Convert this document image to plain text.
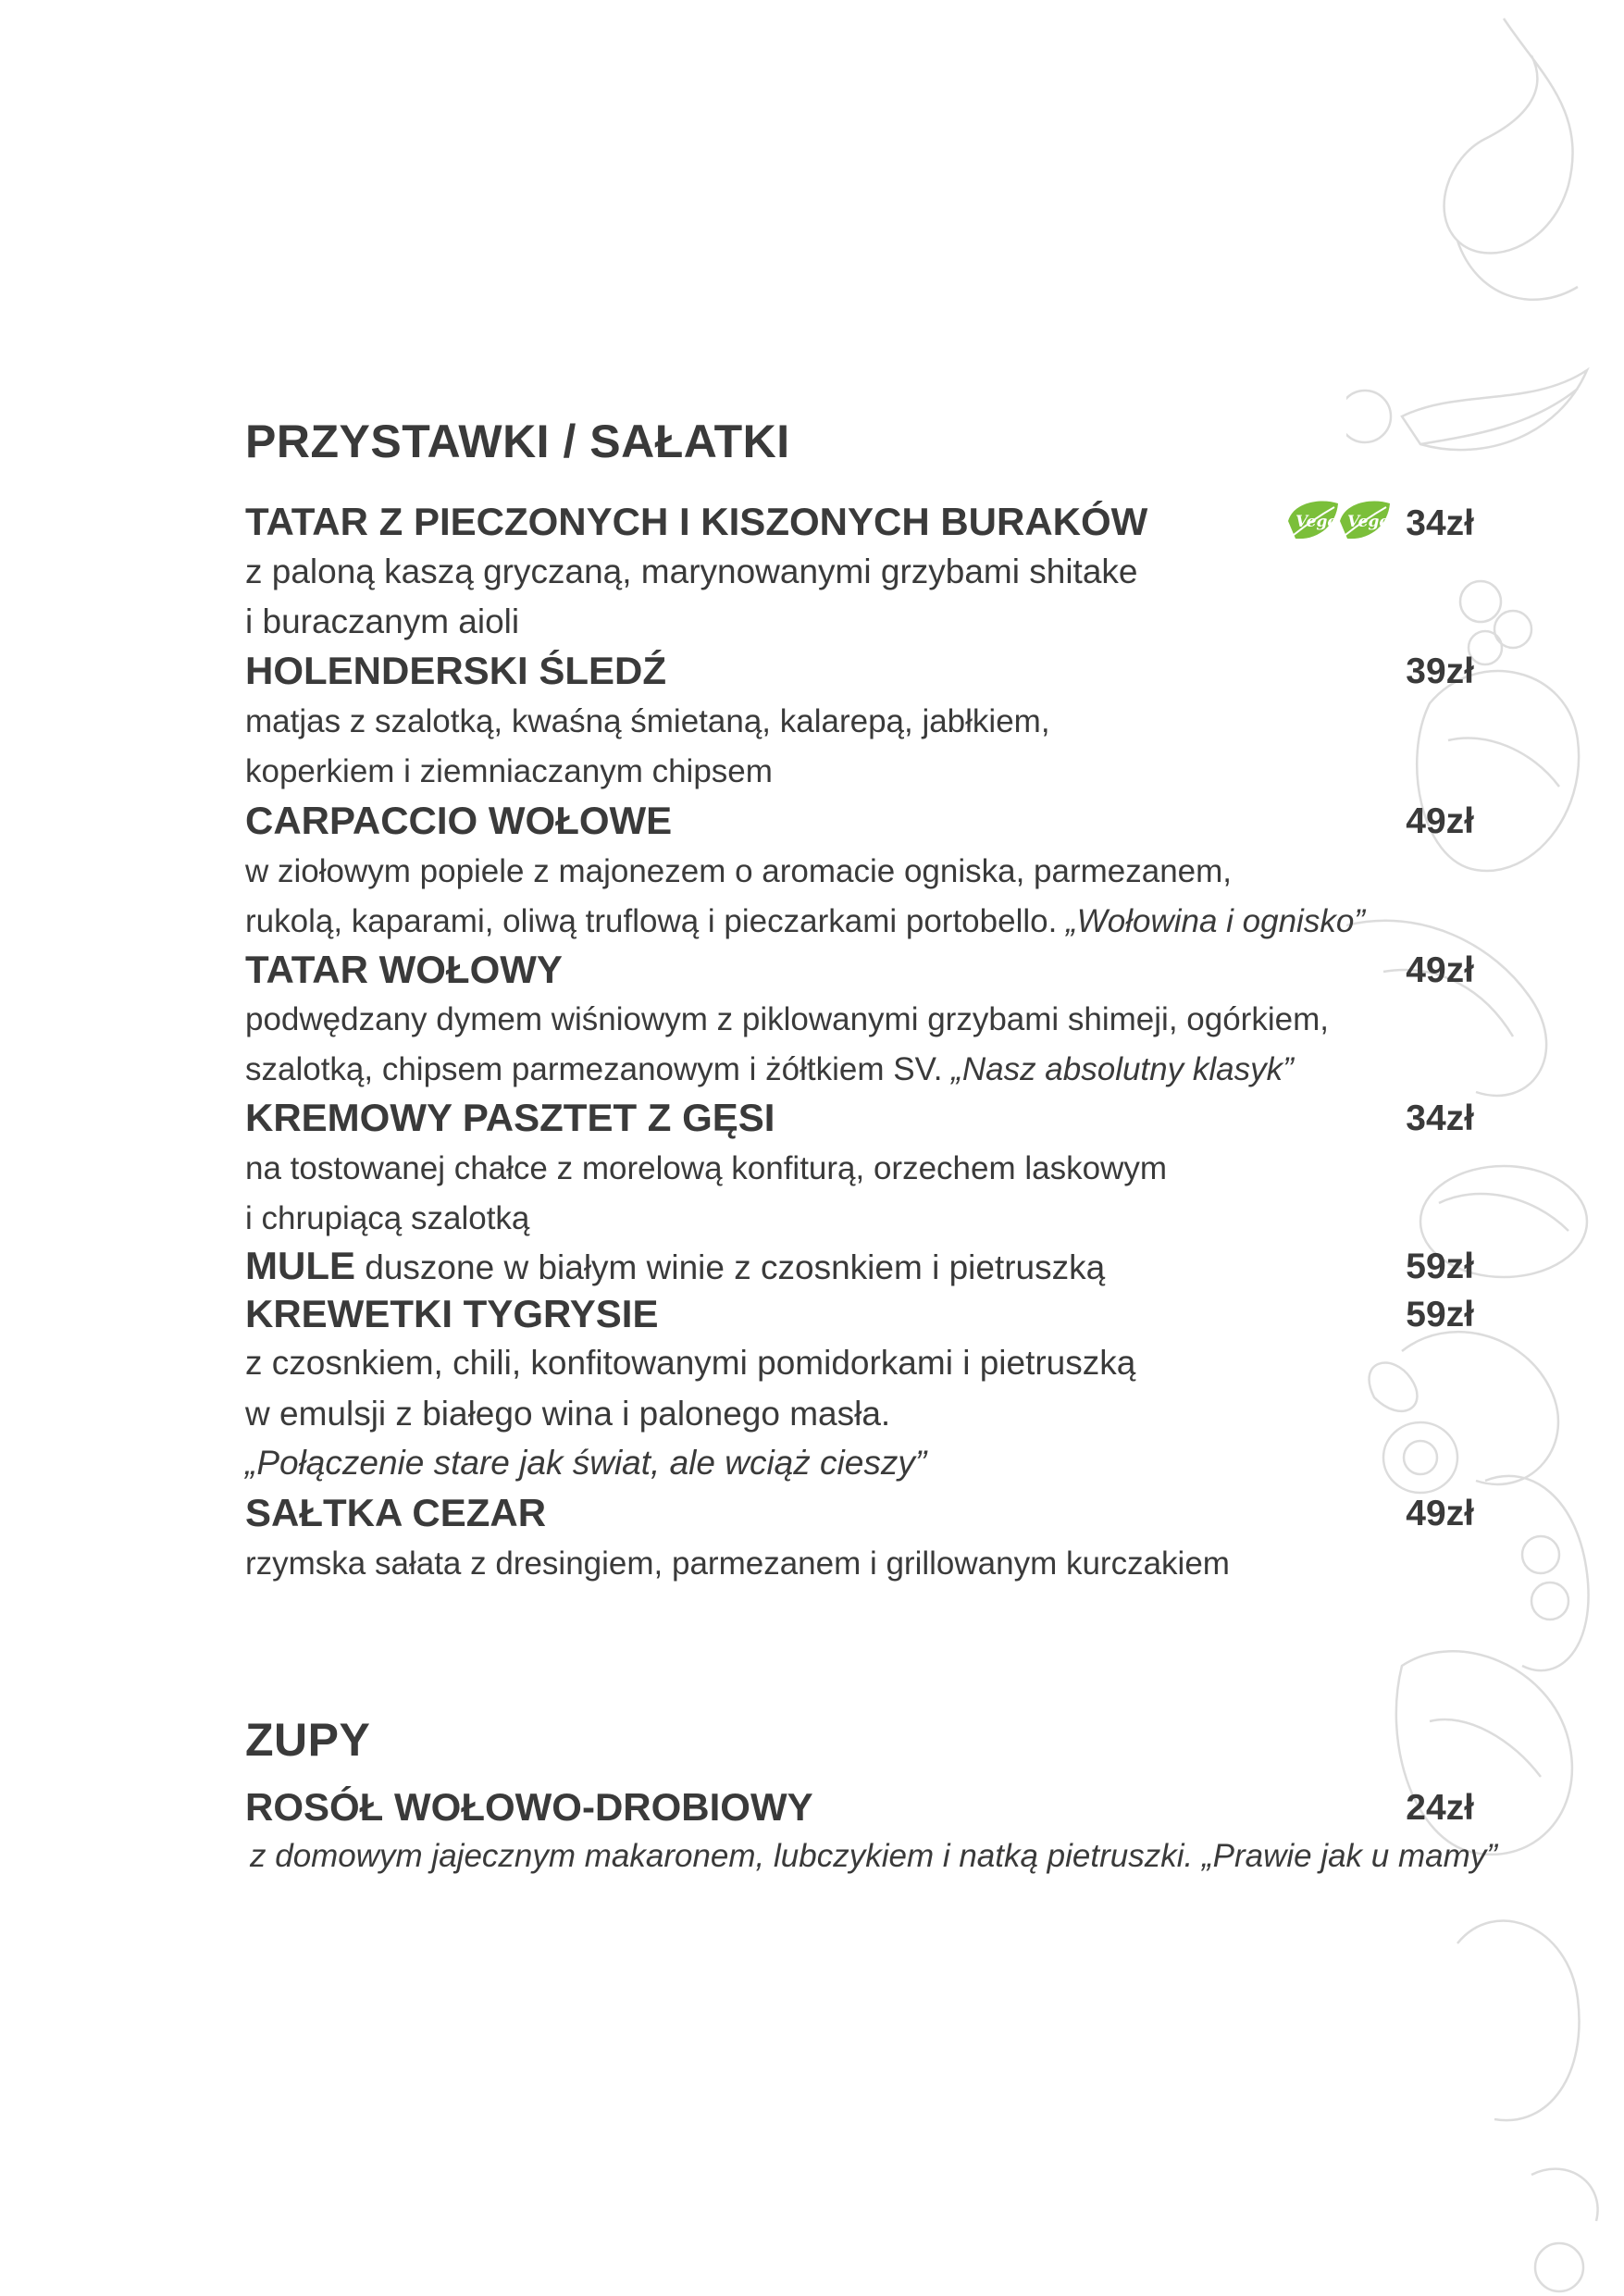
PRZYSTAWKI / SAŁATKI
TATAR Z PIECZONYCH I KISZONYCH BURAKÓW	Vege Vege 34zł

z paloną kaszą gryczaną, marynowanymi grzybami shitake

i buraczanym aioli

HOLENDERSKI ŚLEDŹ	39zł

matjas z szalotką, kwaśną śmietaną, kalarepą, jabłkiem,

koperkiem i ziemniaczanym chipsem

CARPACCIO WOŁOWE	49zł

w ziołowym popiele z majonezem o aromacie ogniska, parmezanem,

rukolą, kaparami, oliwą truflową i pieczarkami portobello. „Wołowina i ognisko”

TATAR WOŁOWY	49zł

podwędzany dymem wiśniowym z piklowanymi grzybami shimeji, ogórkiem,

szalotką, chipsem parmezanowym i żółtkiem SV. „Nasz absolutny klasyk”

KREMOWY PASZTET Z GĘSI	34zł

na tostowanej chałce z morelową konfiturą, orzechem laskowym

i chrupiącą szalotką

MULE duszone w białym winie z czosnkiem i pietruszką	59zł

KREWETKI TYGRYSIE	59zł

z czosnkiem, chili, konfitowanymi pomidorkami i pietruszką

w emulsji z białego wina i palonego masła.

„Połączenie stare jak świat, ale wciąż cieszy”

SAŁTKA CEZAR	49zł

rzymska sałata z dresingiem, parmezanem i grillowanym kurczakiem

ZUPY
ROSÓŁ WOŁOWO-DROBIOWY	24zł

z domowym jajecznym makaronem, lubczykiem i natką pietruszki. „Prawie jak u mamy”
